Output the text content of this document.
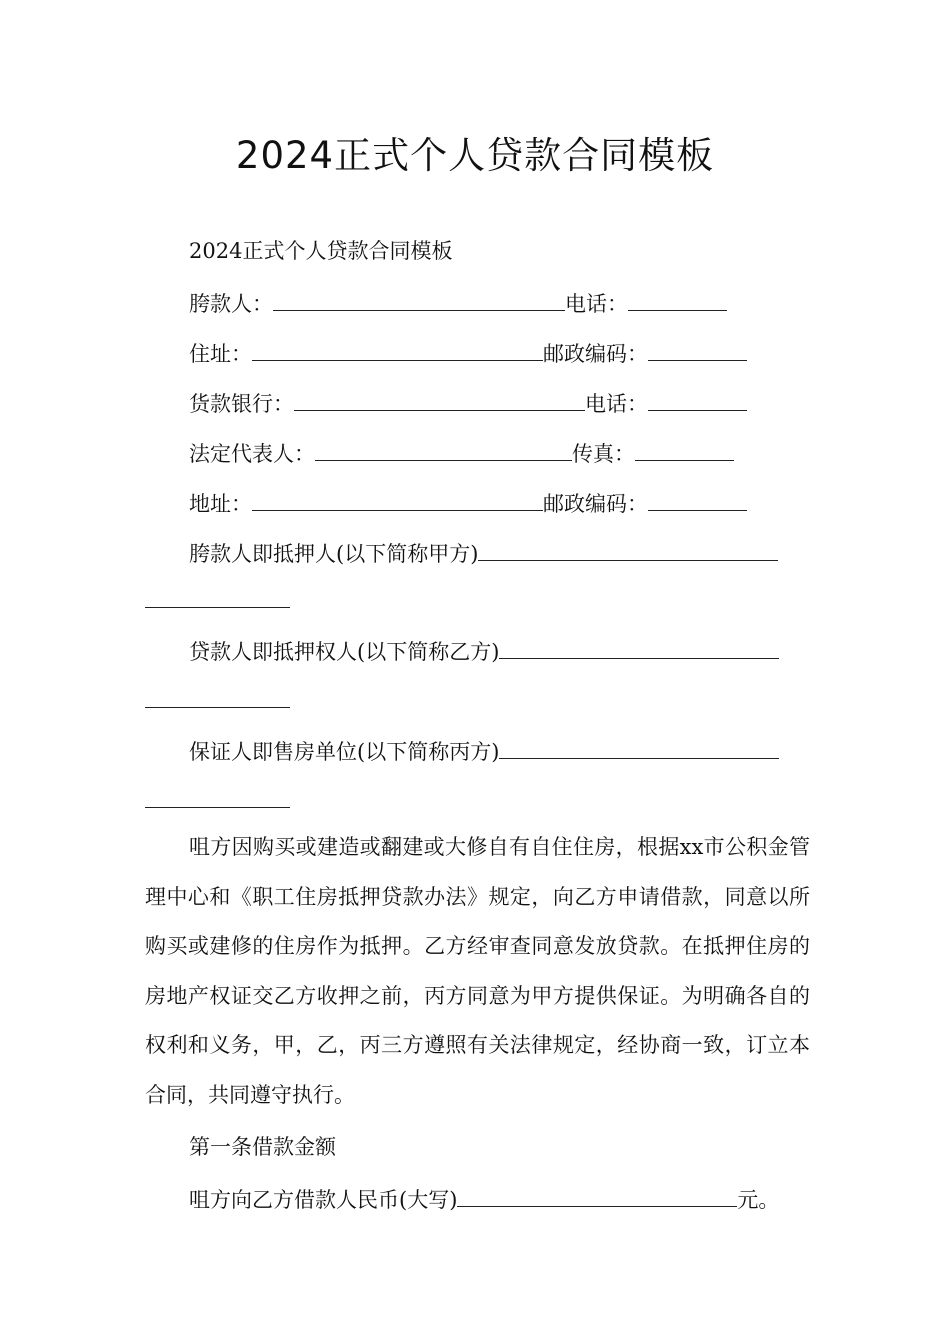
2024正式个人贷款合同模板
2024正式个人贷款合同模板
胯款人：	电话：
住址：	邮政编码：
货款银行：	电话：
法定代表人：	传真：
地址：	邮政编码：
胯款人即抵押人(以下简称甲方)
贷款人即抵押权人(以下简称乙方)
保证人即售房单位(以下简称丙方)
咀方因购买或建造或翻建或大修自有自住住房，根据xx市公积金管理中心和《职工住房抵押贷款办法》规定，向乙方申请借款，同意以所购买或建修的住房作为抵押。乙方经审查同意发放贷款。在抵押住房的房地产权证交乙方收押之前，丙方同意为甲方提供保证。为明确各自的权利和义务，甲，乙，丙三方遵照有关法律规定，经协商一致，订立本合同，共同遵守执行。
第一条借款金额
咀方向乙方借款人民币(大写)	元。
